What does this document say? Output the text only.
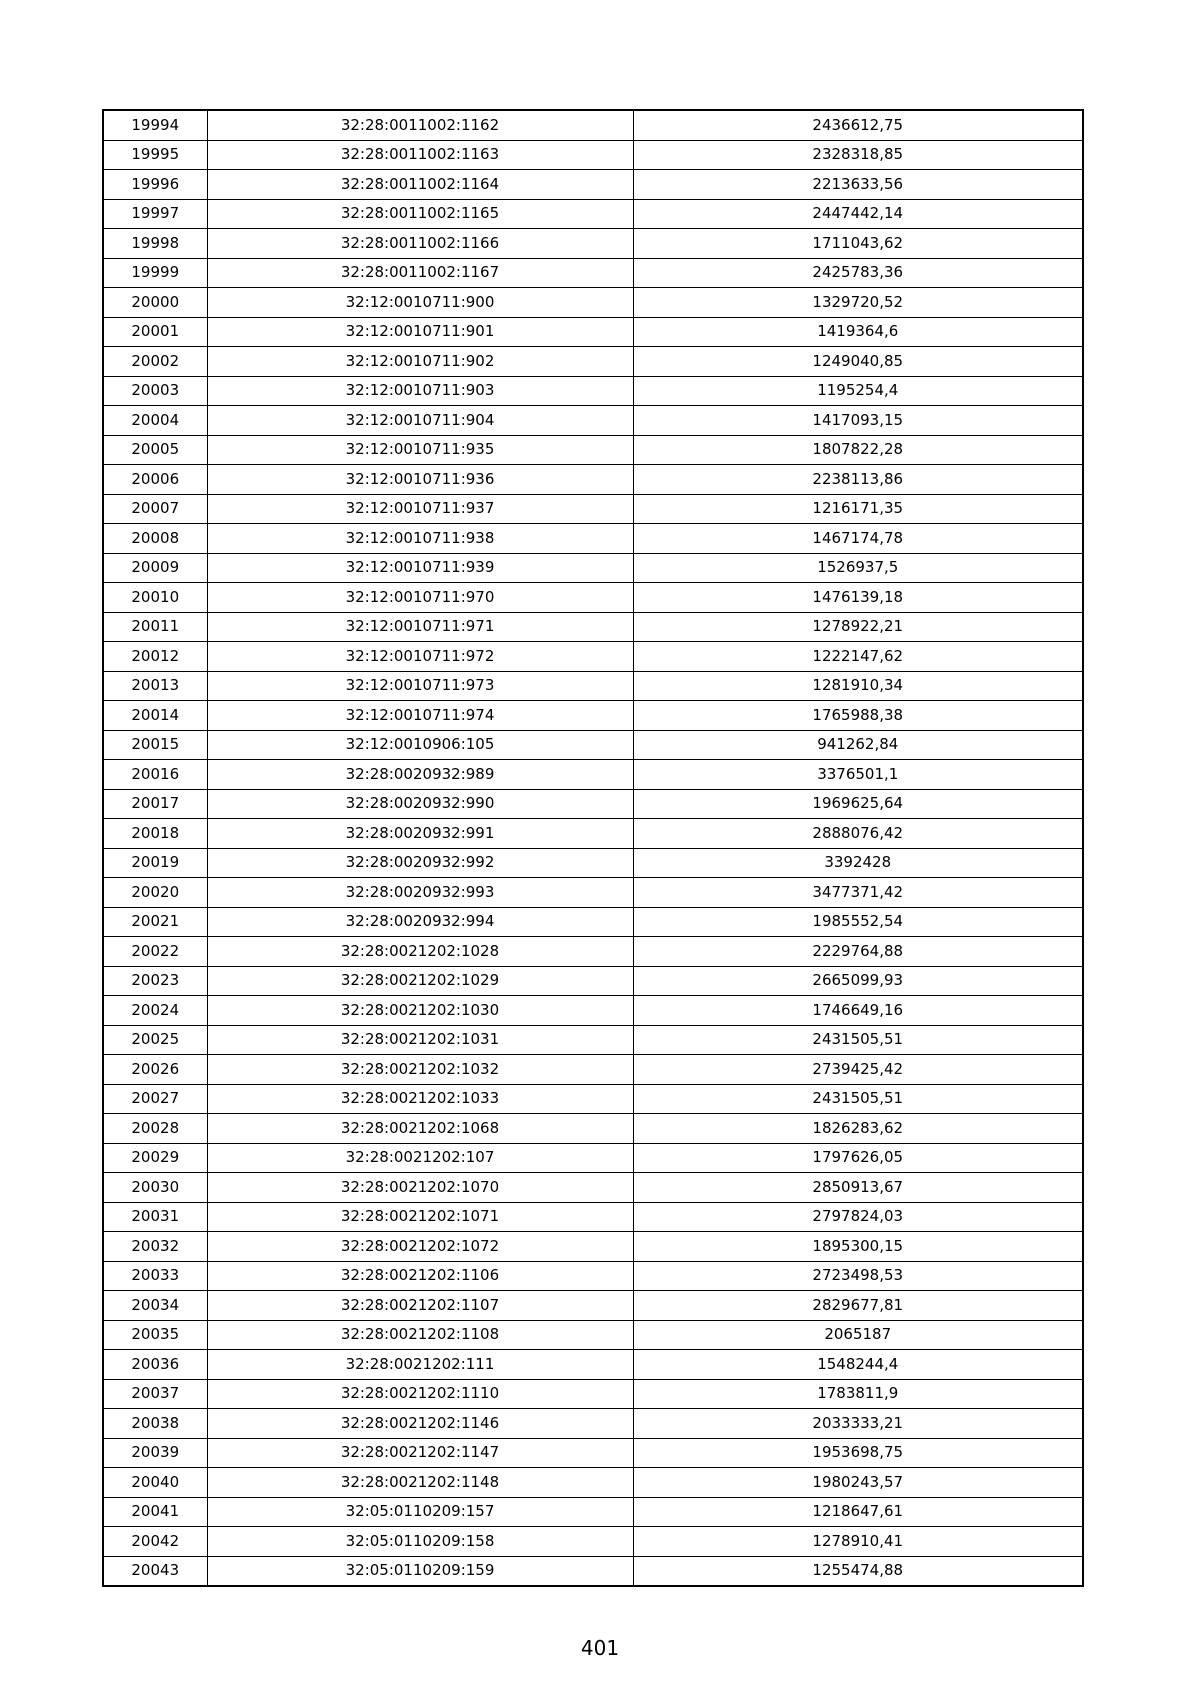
19994	32:28:0011002:1162	2436612,75
19995	32:28:0011002:1163	2328318,85
19996	32:28:0011002:1164	2213633,56
19997	32:28:0011002:1165	2447442,14
19998	32:28:0011002:1166	1711043,62
19999	32:28:0011002:1167	2425783,36
20000	32:12:0010711:900	1329720,52
20001	32:12:0010711:901	1419364,6
20002	32:12:0010711:902	1249040,85
20003	32:12:0010711:903	1195254,4
20004	32:12:0010711:904	1417093,15
20005	32:12:0010711:935	1807822,28
20006	32:12:0010711:936	2238113,86
20007	32:12:0010711:937	1216171,35
20008	32:12:0010711:938	1467174,78
20009	32:12:0010711:939	1526937,5
20010	32:12:0010711:970	1476139,18
20011	32:12:0010711:971	1278922,21
20012	32:12:0010711:972	1222147,62
20013	32:12:0010711:973	1281910,34
20014	32:12:0010711:974	1765988,38
20015	32:12:0010906:105	941262,84
20016	32:28:0020932:989	3376501,1
20017	32:28:0020932:990	1969625,64
20018	32:28:0020932:991	2888076,42
20019	32:28:0020932:992	3392428
20020	32:28:0020932:993	3477371,42
20021	32:28:0020932:994	1985552,54
20022	32:28:0021202:1028	2229764,88
20023	32:28:0021202:1029	2665099,93
20024	32:28:0021202:1030	1746649,16
20025	32:28:0021202:1031	2431505,51
20026	32:28:0021202:1032	2739425,42
20027	32:28:0021202:1033	2431505,51
20028	32:28:0021202:1068	1826283,62
20029	32:28:0021202:107	1797626,05
20030	32:28:0021202:1070	2850913,67
20031	32:28:0021202:1071	2797824,03
20032	32:28:0021202:1072	1895300,15
20033	32:28:0021202:1106	2723498,53
20034	32:28:0021202:1107	2829677,81
20035	32:28:0021202:1108	2065187
20036	32:28:0021202:111	1548244,4
20037	32:28:0021202:1110	1783811,9
20038	32:28:0021202:1146	2033333,21
20039	32:28:0021202:1147	1953698,75
20040	32:28:0021202:1148	1980243,57
20041	32:05:0110209:157	1218647,61
20042	32:05:0110209:158	1278910,41
20043	32:05:0110209:159	1255474,88
401
